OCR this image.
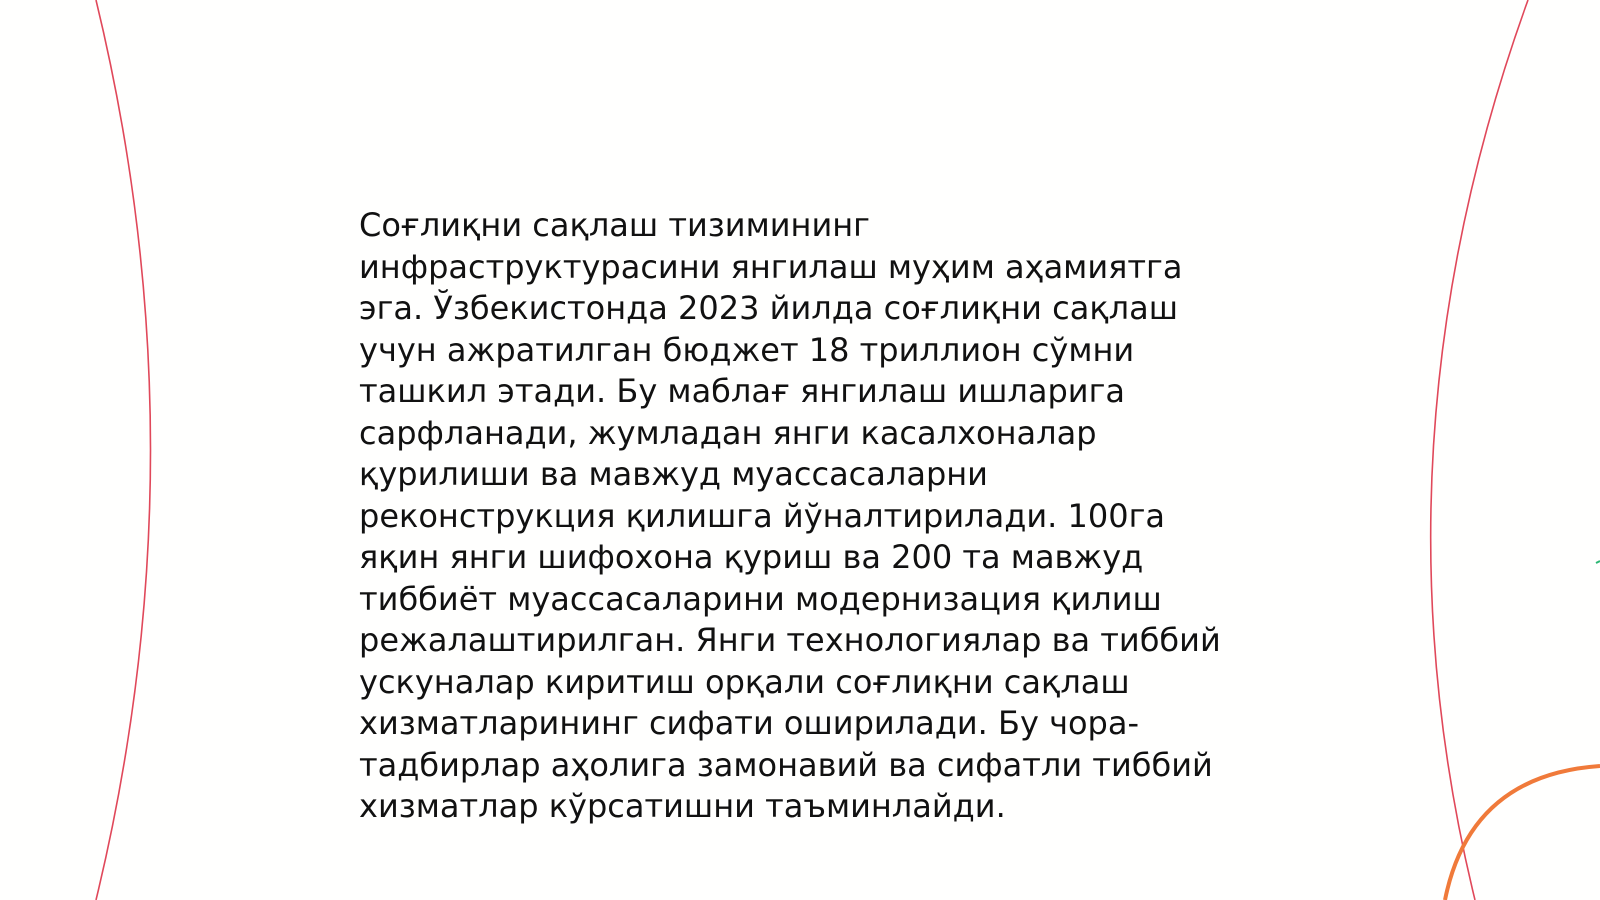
Соғлиқни сақлаш тизимининг
инфраструктурасини янгилаш муҳим аҳамиятга
эга. Ўзбекистонда 2023 йилда соғлиқни сақлаш
учун ажратилган бюджет 18 триллион сўмни
ташкил этади. Бу маблағ янгилаш ишларига
сарфланади, жумладан янги касалхоналар
қурилиши ва мавжуд муассасаларни
реконструкция қилишга йўналтирилади. 100га
яқин янги шифохона қуриш ва 200 та мавжуд
тиббиёт муассасаларини модернизация қилиш
режалаштирилган. Янги технологиялар ва тиббий
ускуналар киритиш орқали соғлиқни сақлаш
хизматларининг сифати оширилади. Бу чора-
тадбирлар аҳолига замонавий ва сифатли тиббий
хизматлар кўрсатишни таъминлайди.
